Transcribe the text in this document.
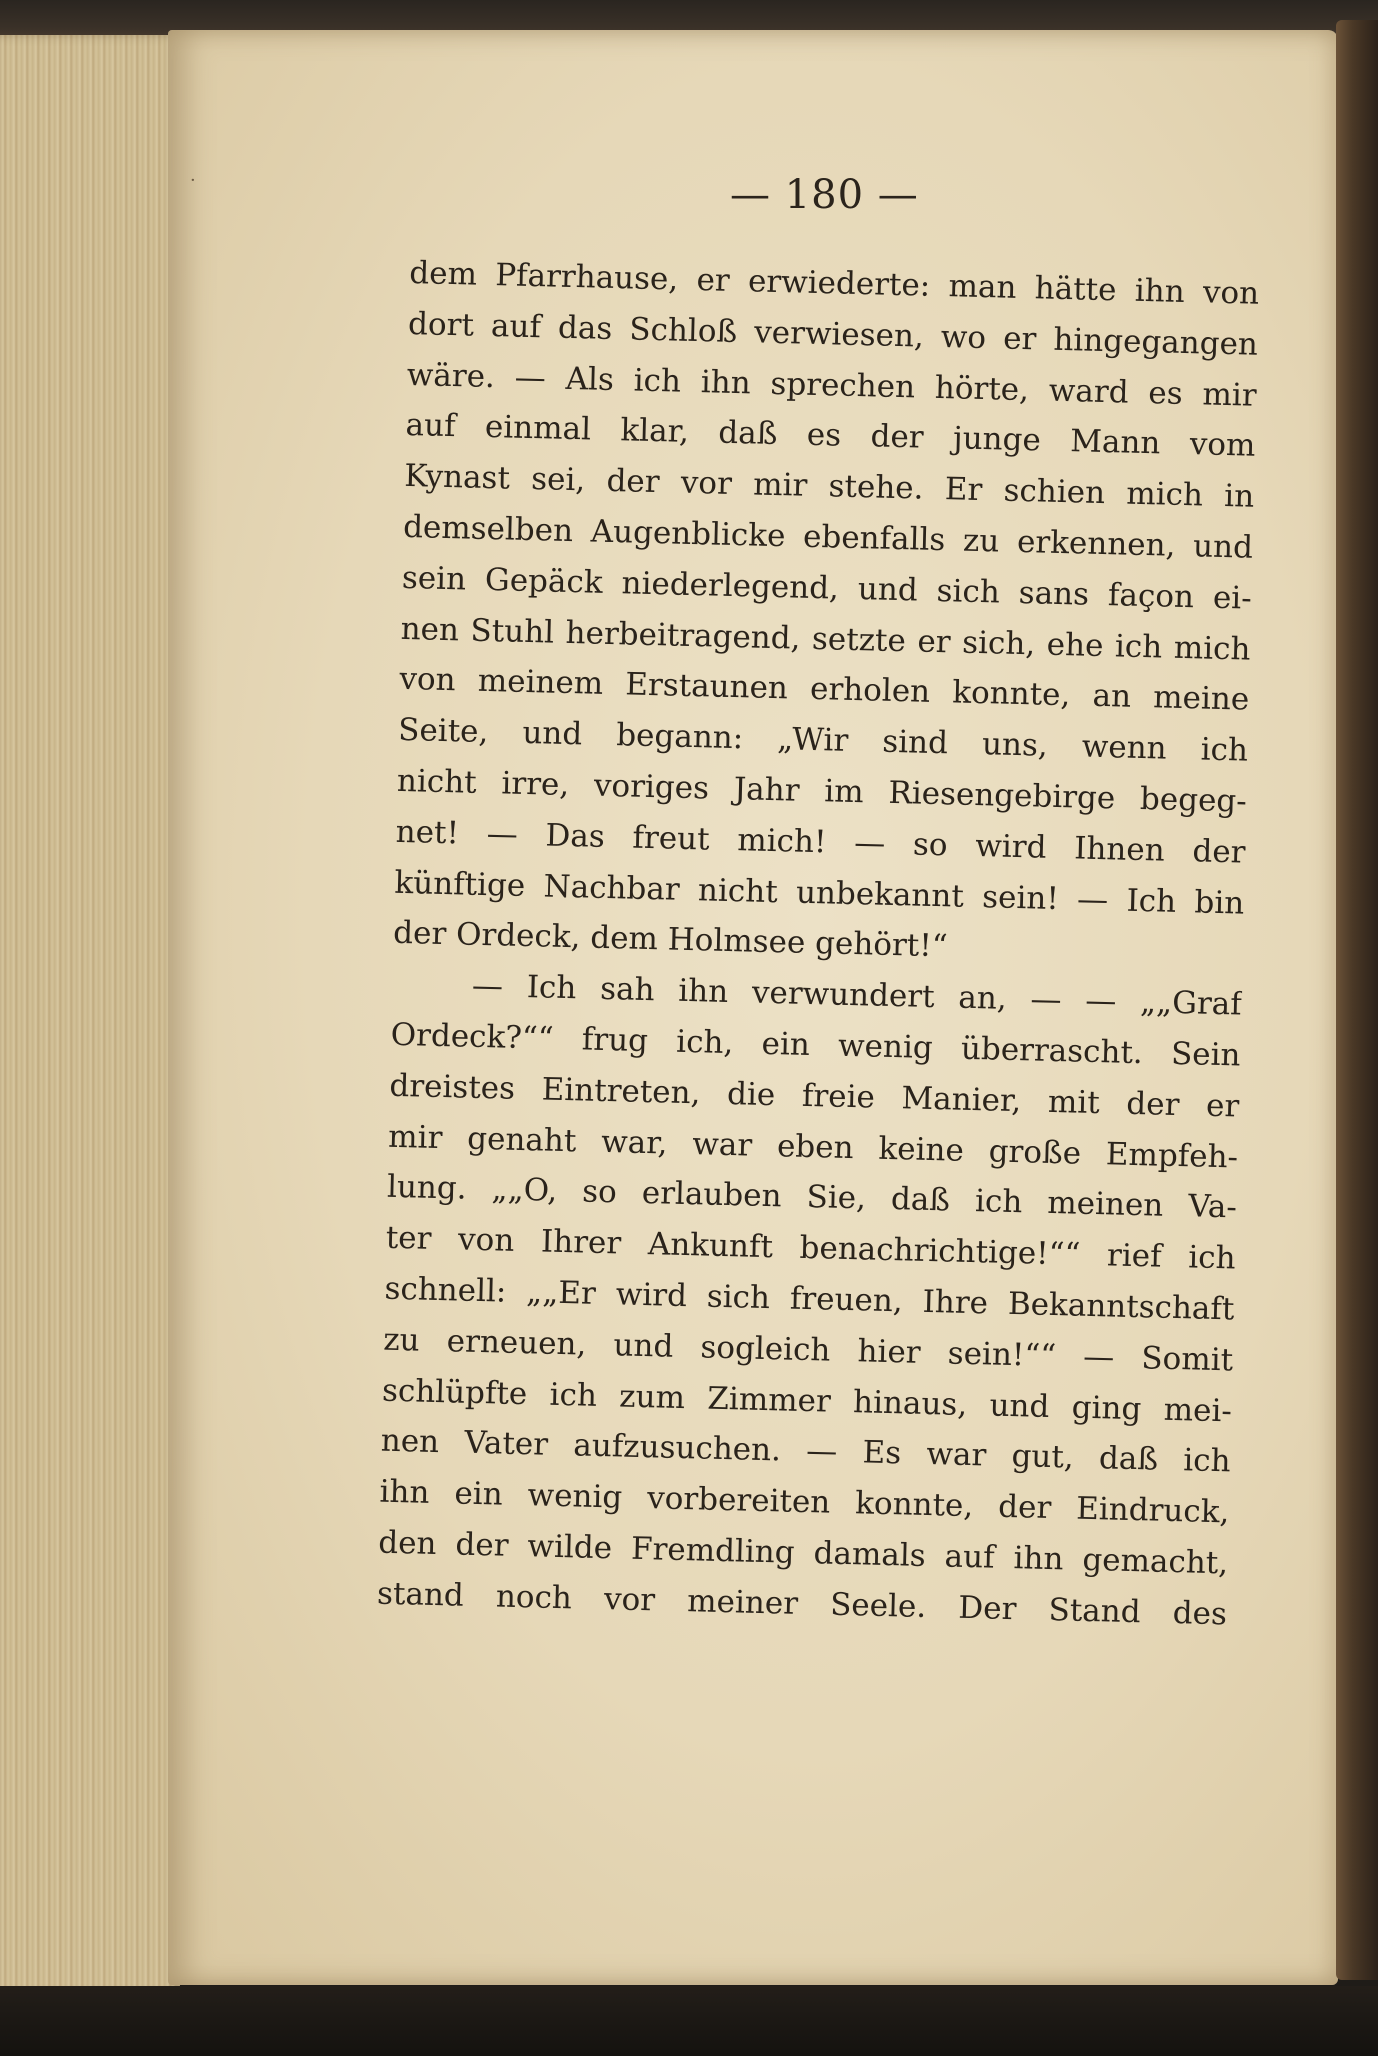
·	— 180 —
dem Pfarrhause, er erwiederte: man hätte ihn von
dort auf das Schloß verwiesen, wo er hingegangen
wäre. — Als ich ihn sprechen hörte, ward es mir
auf einmal klar, daß es der junge Mann vom
Kynast sei, der vor mir stehe. Er schien mich in
demselben Augenblicke ebenfalls zu erkennen, und
sein Gepäck niederlegend, und sich sans façon ei-
nen Stuhl herbeitragend, setzte er sich, ehe ich mich
von meinem Erstaunen erholen konnte, an meine
Seite, und begann: „Wir sind uns, wenn ich
nicht irre, voriges Jahr im Riesengebirge begeg-
net! — Das freut mich! — so wird Ihnen der
künftige Nachbar nicht unbekannt sein! — Ich bin
der Ordeck, dem Holmsee gehört!“
— Ich sah ihn verwundert an, — — „„Graf
Ordeck?““ frug ich, ein wenig überrascht. Sein
dreistes Eintreten, die freie Manier, mit der er
mir genaht war, war eben keine große Empfeh-
lung. „„O, so erlauben Sie, daß ich meinen Va-
ter von Ihrer Ankunft benachrichtige!““ rief ich
schnell: „„Er wird sich freuen, Ihre Bekanntschaft
zu erneuen, und sogleich hier sein!““ — Somit
schlüpfte ich zum Zimmer hinaus, und ging mei-
nen Vater aufzusuchen. — Es war gut, daß ich
ihn ein wenig vorbereiten konnte, der Eindruck,
den der wilde Fremdling damals auf ihn gemacht,
stand noch vor meiner Seele. Der Stand des
